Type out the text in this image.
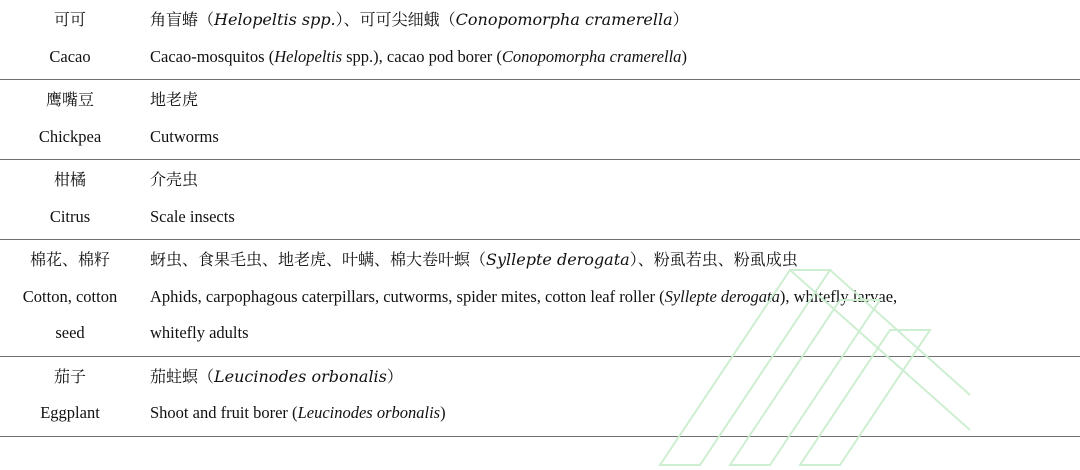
可可	角盲蝽（Helopeltis spp.）、可可尖细蛾（Conopomorpha cramerella）
Cacao	Cacao-mosquitos (Helopeltis spp.), cacao pod borer (Conopomorpha cramerella)
鹰嘴豆	地老虎
Chickpea	Cutworms
柑橘	介壳虫
Citrus	Scale insects
棉花、棉籽	蚜虫、食果毛虫、地老虎、叶螨、棉大卷叶螟（Syllepte derogata）、粉虱若虫、粉虱成虫
Cotton, cotton	Aphids, carpophagous caterpillars, cutworms, spider mites, cotton leaf roller (Syllepte derogata), whitefly larvae,
seed	whitefly adults
茄子	茄蛀螟（Leucinodes orbonalis）
Eggplant	Shoot and fruit borer (Leucinodes orbonalis)
